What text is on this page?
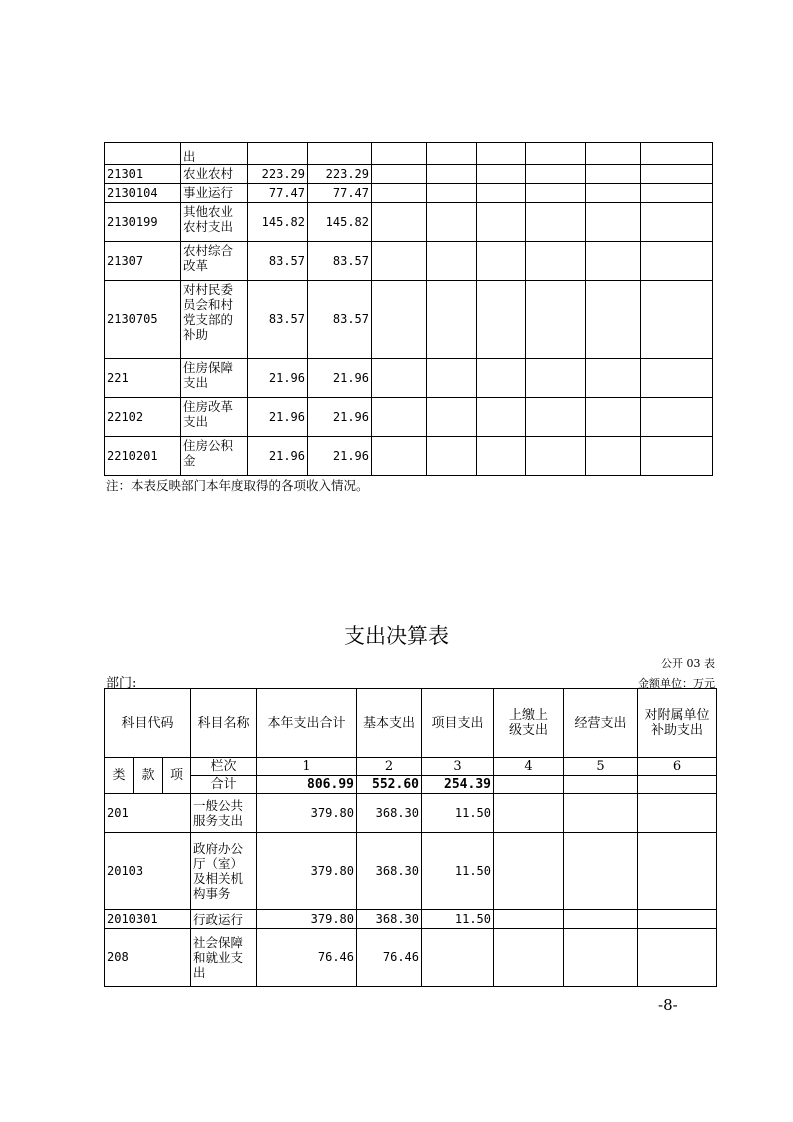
	出								
21301	农业农村	223.29	223.29						
2130104	事业运行	77.47	77.47						
2130199	其他农业农村支出	145.82	145.82						
21307	农村综合改革	83.57	83.57						
2130705	对村民委员会和村党支部的补助	83.57	83.57						
221	住房保障支出	21.96	21.96						
22102	住房改革支出	21.96	21.96						
2210201	住房公积金	21.96	21.96						
注：本表反映部门本年度取得的各项收入情况。
支出决算表
公开 03 表
部门:	金额单位：万元
科目代码			科目名称	本年支出合计	基本支出	项目支出	上缴上级支出	经营支出	对附属单位补助支出
类	款	项	栏次	1	2	3	4	5	6
			合计	806.99	552.60	254.39			
201			一般公共服务支出	379.80	368.30	11.50			
20103			政府办公厅（室）及相关机构事务	379.80	368.30	11.50			
2010301			行政运行	379.80	368.30	11.50			
208			社会保障和就业支出	76.46	76.46				
-8-
